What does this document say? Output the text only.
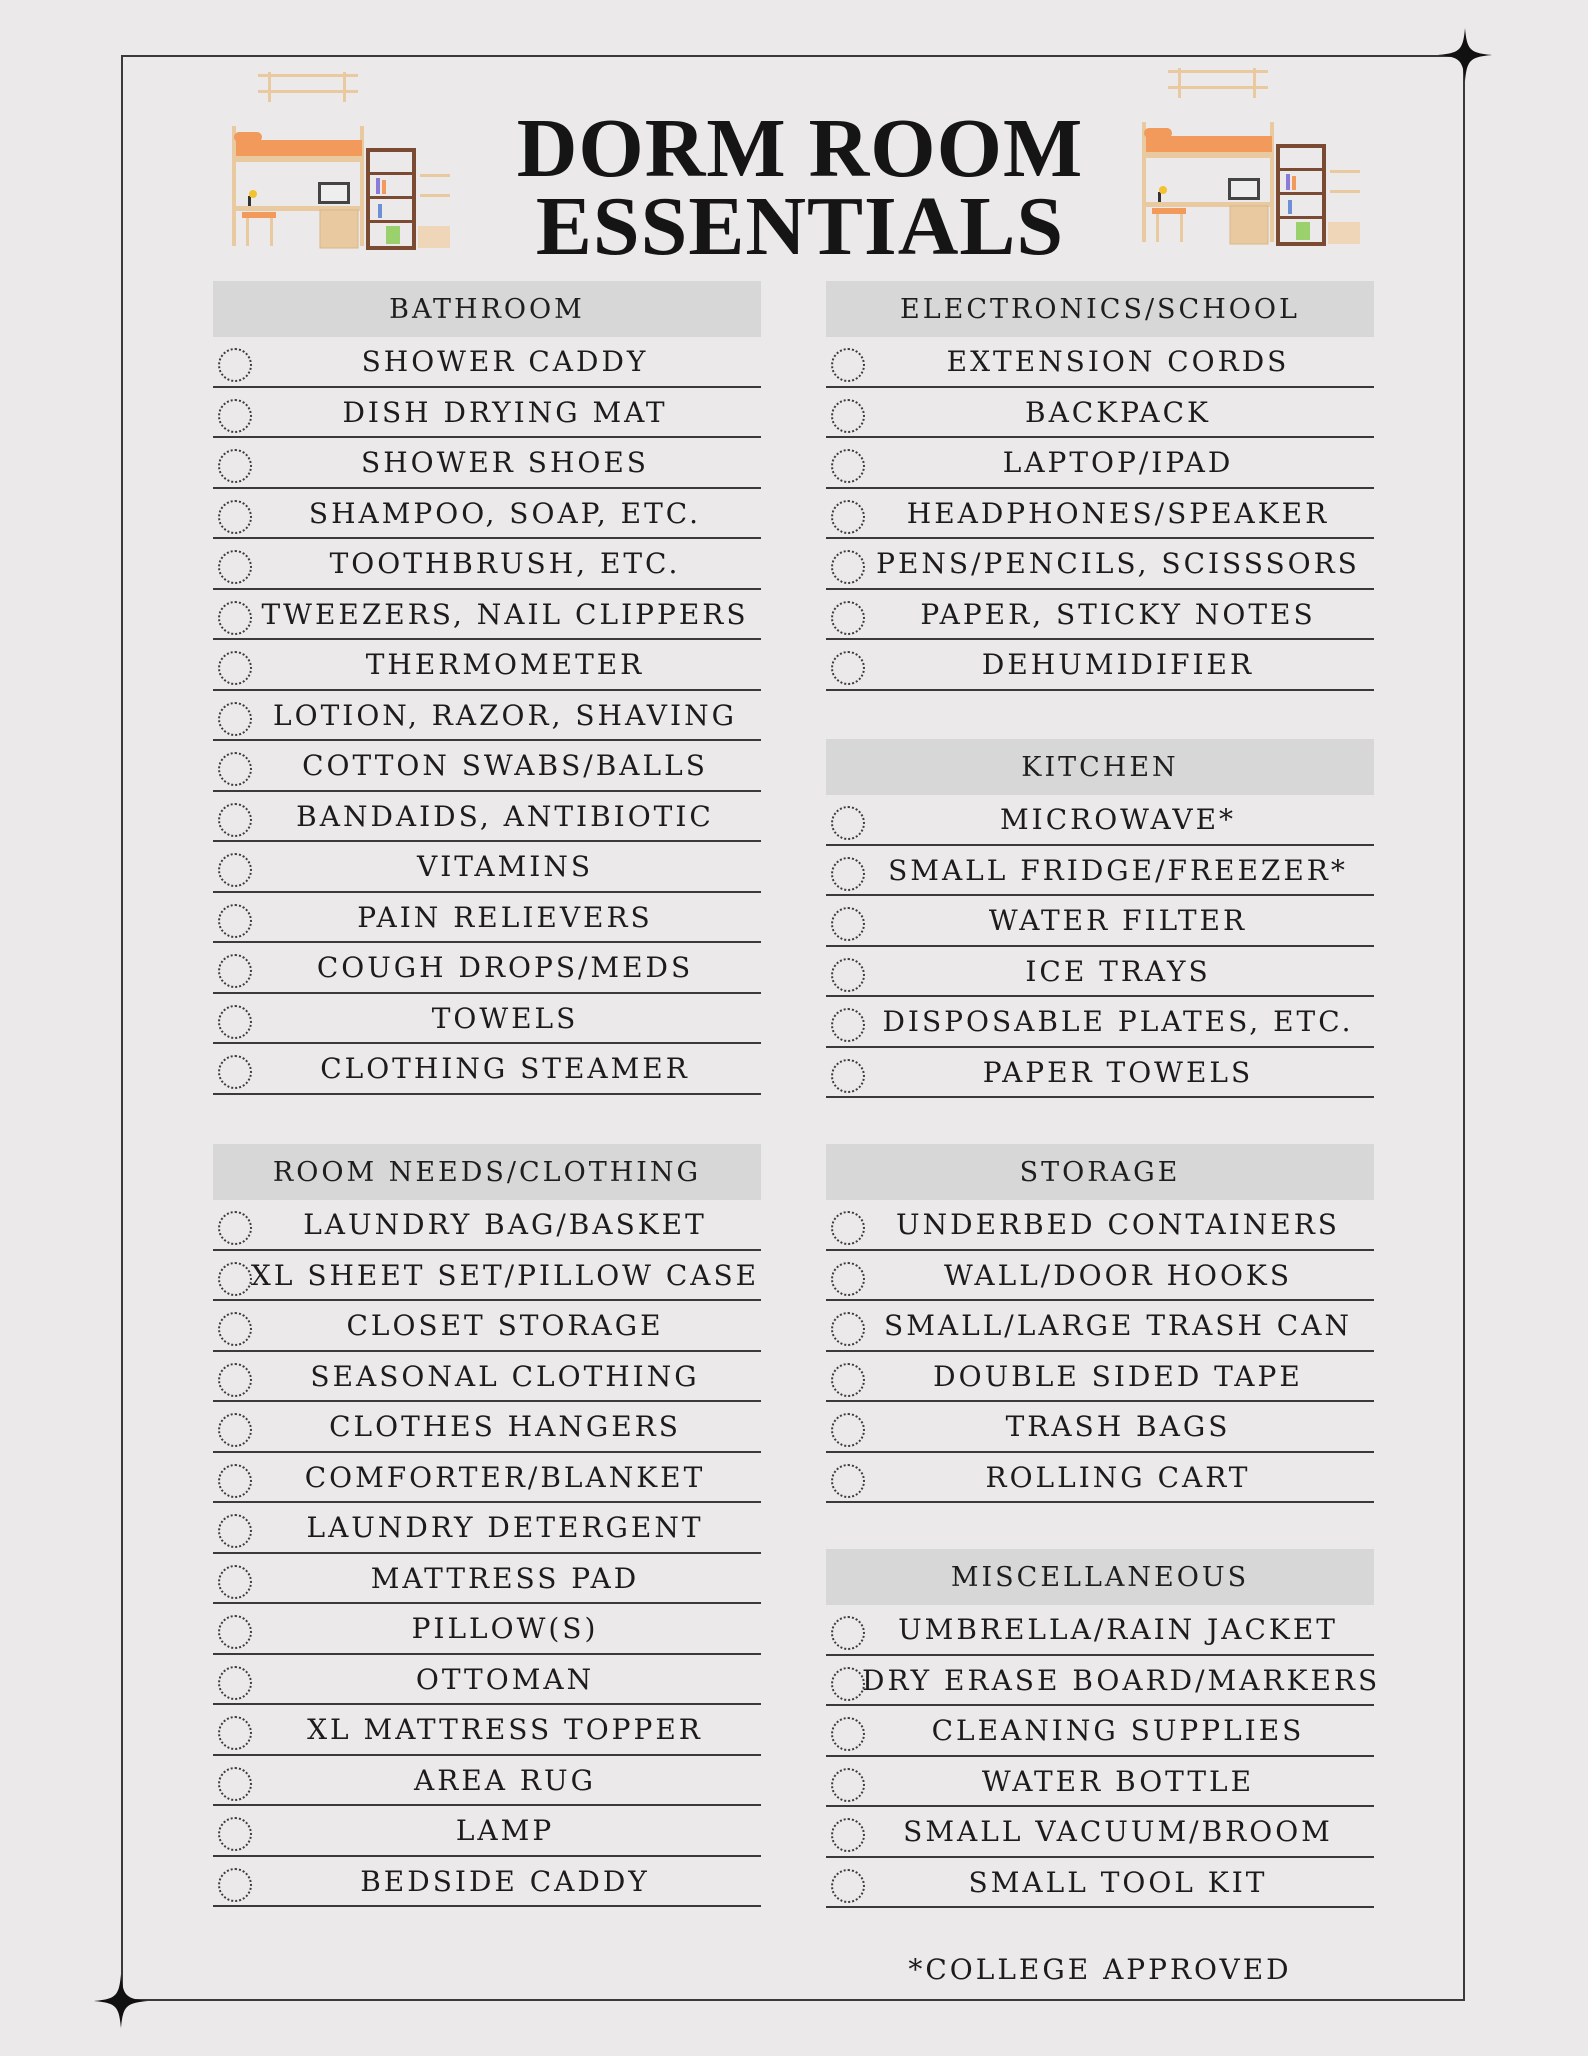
DORM ROOM
ESSENTIALS
BATHROOM
SHOWER CADDY
DISH DRYING MAT
SHOWER SHOES
SHAMPOO, SOAP, ETC.
TOOTHBRUSH, ETC.
TWEEZERS, NAIL CLIPPERS
THERMOMETER
LOTION, RAZOR, SHAVING
COTTON SWABS/BALLS
BANDAIDS, ANTIBIOTIC
VITAMINS
PAIN RELIEVERS
COUGH DROPS/MEDS
TOWELS
CLOTHING STEAMER
ELECTRONICS/SCHOOL
EXTENSION CORDS
BACKPACK
LAPTOP/IPAD
HEADPHONES/SPEAKER
PENS/PENCILS, SCISSSORS
PAPER, STICKY NOTES
DEHUMIDIFIER
KITCHEN
MICROWAVE*
SMALL FRIDGE/FREEZER*
WATER FILTER
ICE TRAYS
DISPOSABLE PLATES, ETC.
PAPER TOWELS
ROOM NEEDS/CLOTHING
LAUNDRY BAG/BASKET
XL SHEET SET/PILLOW CASE
CLOSET STORAGE
SEASONAL CLOTHING
CLOTHES HANGERS
COMFORTER/BLANKET
LAUNDRY DETERGENT
MATTRESS PAD
PILLOW(S)
OTTOMAN
XL MATTRESS TOPPER
AREA RUG
LAMP
BEDSIDE CADDY
STORAGE
UNDERBED CONTAINERS
WALL/DOOR HOOKS
SMALL/LARGE TRASH CAN
DOUBLE SIDED TAPE
TRASH BAGS
ROLLING CART
MISCELLANEOUS
UMBRELLA/RAIN JACKET
DRY ERASE BOARD/MARKERS
CLEANING SUPPLIES
WATER BOTTLE
SMALL VACUUM/BROOM
SMALL TOOL KIT
*COLLEGE APPROVED
